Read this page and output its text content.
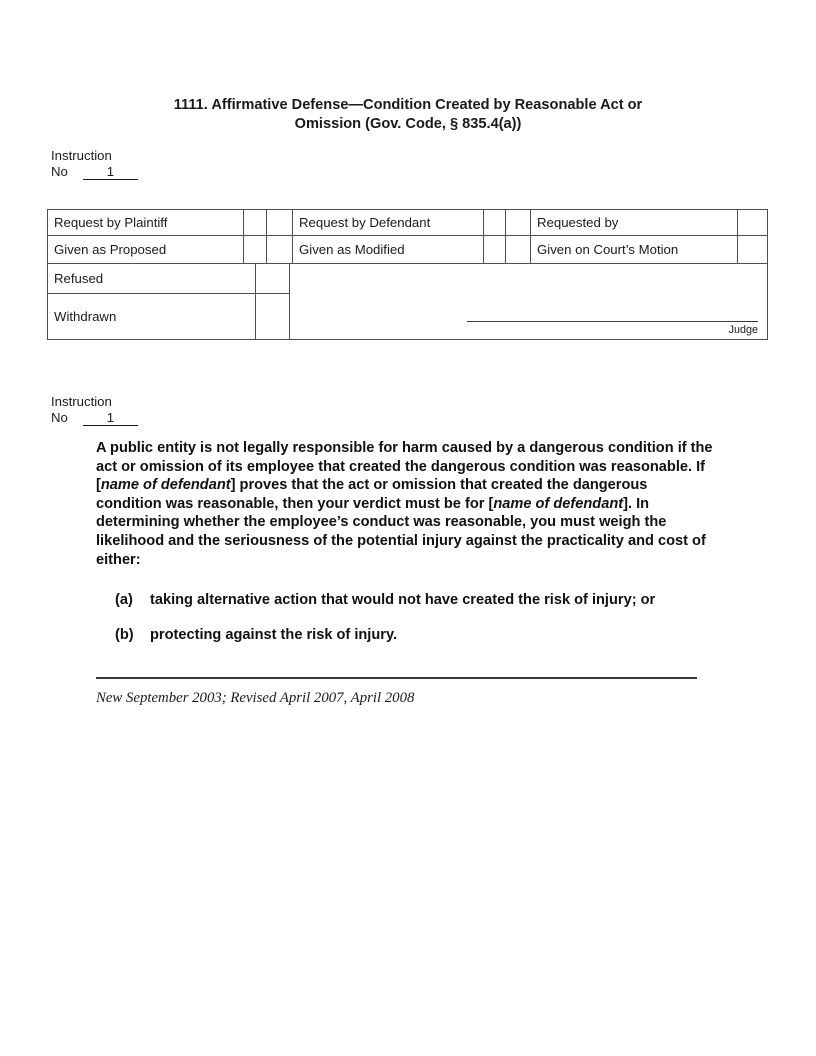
1111. Affirmative Defense—Condition Created by Reasonable Act or
Omission (Gov. Code, § 835.4(a))
Instruction
No	1
Request by Plaintiff					Request by Defendant			Requested by	
Given as Proposed					Given as Modified			Given on Court’s Motion	
Refused				Judge					

Withdrawn									
Instruction
No	1
A public entity is not legally responsible for harm caused by a dangerous condition if the act or omission of its employee that created the dangerous condition was reasonable. If [name of defendant] proves that the act or omission that created the dangerous condition was reasonable, then your verdict must be for [name of defendant]. In determining whether the employee’s conduct was reasonable, you must weigh the likelihood and the seriousness of the potential injury against the practicality and cost of either:
(a) taking alternative action that would not have created the risk of injury; or
(b) protecting against the risk of injury.
New September 2003; Revised April 2007, April 2008
